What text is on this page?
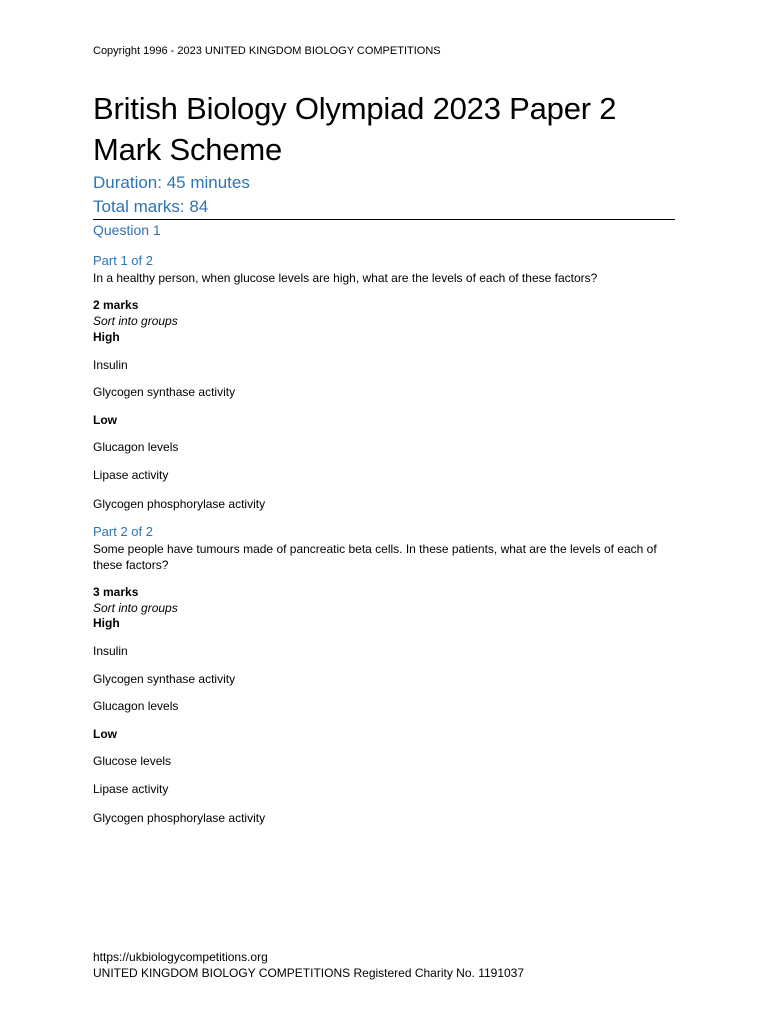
Copyright 1996 - 2023 UNITED KINGDOM BIOLOGY COMPETITIONS
British Biology Olympiad 2023 Paper 2 Mark Scheme
Duration: 45 minutes
Total marks: 84
Question 1
Part 1 of 2
In a healthy person, when glucose levels are high, what are the levels of each of these factors?
2 marks
Sort into groups
High
Insulin
Glycogen synthase activity
Low
Glucagon levels
Lipase activity
Glycogen phosphorylase activity
Part 2 of 2
Some people have tumours made of pancreatic beta cells. In these patients, what are the levels of each of these factors?
3 marks
Sort into groups
High
Insulin
Glycogen synthase activity
Glucagon levels
Low
Glucose levels
Lipase activity
Glycogen phosphorylase activity
https://ukbiologycompetitions.org
UNITED KINGDOM BIOLOGY COMPETITIONS Registered Charity No. 1191037
